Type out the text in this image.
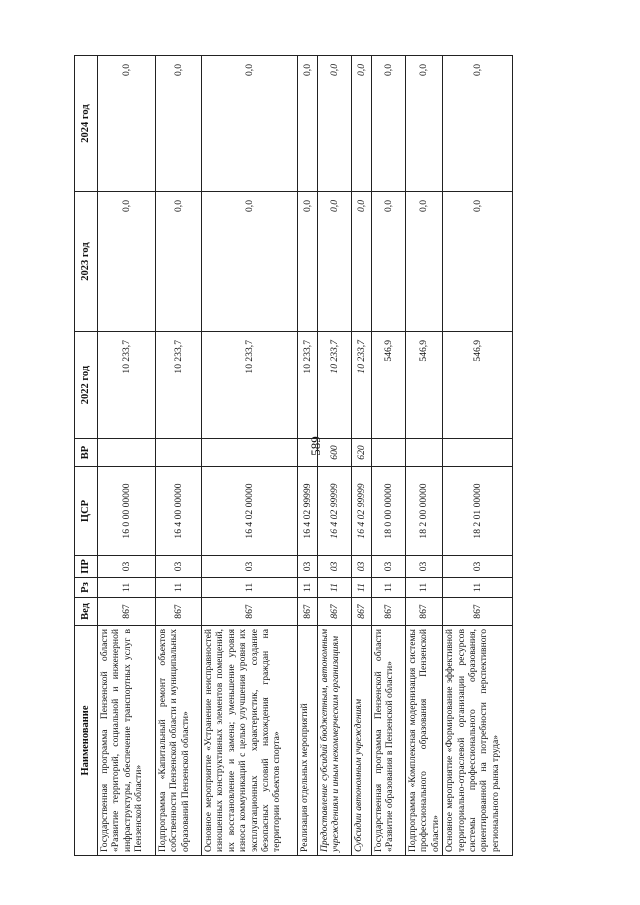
589
Наименование	Вед	Рз	ПР	ЦСР	ВР	2022 год	2023 год	2024 год
Государственная программа Пензенской области «Развитие территорий, социальной и инженерной инфраструктуры, обеспечение транспортных услуг в Пензенской области»	867	11	03	16 0 00 00000		10 233,7	0,0	0,0
Подпрограмма «Капитальный ремонт объектов собственности Пензенской области и муниципальных образований Пензенской области»	867	11	03	16 4 00 00000		10 233,7	0,0	0,0
Основное мероприятие «Устранение неисправностей изношенных конструктивных элементов помещений, их восстановление и замена; уменьшение уровня износа коммуникаций с целью улучшения уровня их эксплуатационных характеристик, создание безопасных условий нахождения граждан на территории объектов спорта»	867	11	03	16 4 02 00000		10 233,7	0,0	0,0
Реализация отдельных мероприятий	867	11	03	16 4 02 99999		10 233,7	0,0	0,0
Предоставление субсидий бюджетным, автономным учреждениям и иным некоммерческим организациям	867	11	03	16 4 02 99999	600	10 233,7	0,0	0,0
Субсидии автономным учреждениям	867	11	03	16 4 02 99999	620	10 233,7	0,0	0,0
Государственная программа Пензенской области «Развитие образования в Пензенской области»	867	11	03	18 0 00 00000		546,9	0,0	0,0
Подпрограмма «Комплексная модернизация системы профессионального образования Пензенской области»	867	11	03	18 2 00 00000		546,9	0,0	0,0
Основное мероприятие «Формирование эффективной территориально-отраслевой организации ресурсов системы профессионального образования, ориентированной на потребности перспективного регионального рынка труда»	867	11	03	18 2 01 00000		546,9	0,0	0,0
